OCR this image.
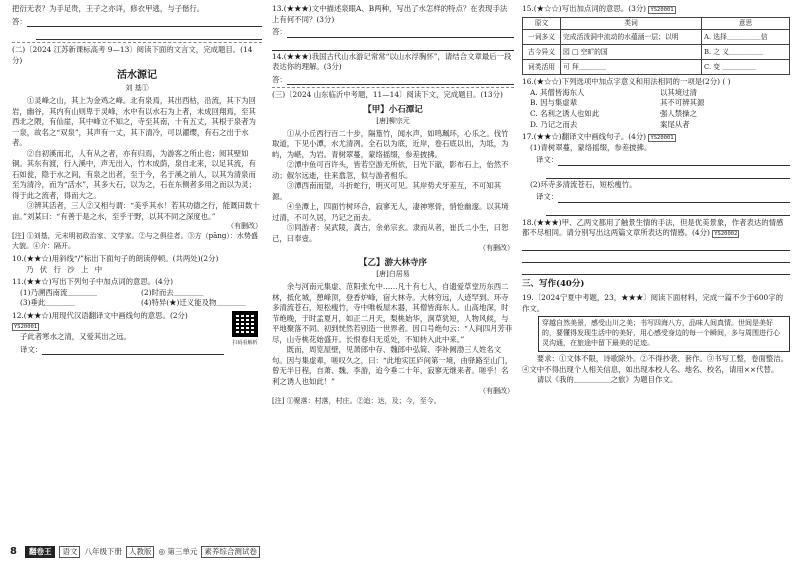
把衍无表？为手足贵，王子之亦详，修衣甲逃，与子偕行。

答：

(二)〔2024 江苏新课标高考 9—13〕阅读下面的文言文，完成题目。(14 分)

活水源记
刘 基①

①灵峰之山，其上为金鸡之峰。北有泉焉，其出西枯，沿流，其下为回岩，幽谷，其内有山则卑于灵峰，水中有以水石为上者，未成回翔焉，至其西北之隈，有仙崖，其中峰立不知之，寺至其南，十有五丈，其根于泉者为一泉，故名之“双泉”，其声有一丈，其下清冷，可以濯缨，有石之出于水者。

②自初溪而北，人有从之者，亦有归焉，为游客之所止也；阅其壁如铜。其东有渡，行入溪中，声无出入，竹木成荫，泉自北来，以足其流，有石如瓮，隐于水之间，有泉之出者，至于今，名于溪之前人，以其为清泉而至为清冷，而为“活水”，其多大石，以为之，石在东侧者多用之而以为灵；得于此之流者，得而大之。

③辨其活者，三人②又相与谓：“美乎其水！若其功德之行，能溉田数十亩。”刘某曰：“有善于是之水，至乎于野，以其不同之深度也。”

（有删改）

[注] ①刘基，元末明初政治家、文学家。②与之俱往者。③方（pāng）：水势盛大貌。④介：隔开。

10.(★★☆)用斜线“/”标出下面句子的朗读停顿。(共两处)(2分)

乃 伏 行 沙 上 中

11.(★★☆)写出下列句子中加点词的意思。(4分)

(1)乃溯西南流＿＿＿＿	(2)时而去＿＿＿＿
(3)垂此＿＿＿＿	(4)特异(★)迁义能及物＿＿＿＿

12.(★★☆)用现代汉语翻译文中画线句的意思。(2分)

YS20001

子此者寒水之清，又爱其出之远。

译文：
扫码看解析

13.(★★★)文中描述泉眼A、B两种，写出了水怎样的特点？在表现手法上有何不同？(3分)

答：

14.(★★★)我国古代山水游记常常“以山水浮胸怀”，请结合文章最后一段表达你的理解。(3分)

答：

(三)〔2024 山东临沂中考题，11—14〕阅读下文，完成题目。(13分)

【甲】小石潭记
[唐]柳宗元

①从小丘西行百二十步，隔篁竹，闻水声，如鸣珮环，心乐之。伐竹取道，下见小潭，水尤清冽。全石以为底，近岸，卷石底以出，为坻，为屿，为嵁，为岩。青树翠蔓，蒙络摇缀，参差披拂。

②潭中鱼可百许头，皆若空游无所依，日光下澈，影布石上，佁然不动；俶尔远逝，往来翕忽，似与游者相乐。

③潭西南而望，斗折蛇行，明灭可见。其岸势犬牙差互，不可知其源。

④坐潭上，四面竹树环合，寂寥无人，凄神寒骨，悄怆幽邃。以其境过清，不可久居，乃记之而去。

⑤同游者：吴武陵，龚古，余弟宗玄。隶而从者，崔氏二小生，曰恕己，曰奉壹。

（有删改）

【乙】游大林寺序
[唐]白居易

余与河南元集虚、范阳张允中……凡十有七人，自遗爱草堂历东西二林，抵化城，憩峰顶，登香炉峰，宿大林寺。大林穷远，人迹罕到。环寺多清流苍石，短松瘦竹，寺中唯板屋木器，其僧皆海东人。山高地深，时节绝晚，于时孟夏月，如正二月天，梨桃始华，涧草犹短，人物风候，与平地聚落不同。初到恍然若别造一世界者。因口号绝句云：“人间四月芳菲尽，山寺桃花始盛开。长恨春归无觅处，不知转入此中来。”

既而，周览屋壁，见萧郎中存、魏郎中弘简、李补阙渤三人姓名文句。因与集虚辈，嗟叹久之，曰：“此地实匡庐间第一境，由驿路至山门，曾无半日程，自萧、魏、李游，迨今垂二十年，寂寥无继来者。嗟乎！名利之诱人也如此！”

（有删改）

[注] ①聚落：村落，村庄。②迨：达，及；今，至今。

15.(★☆☆)写出加点词的意思。(3分) YS20001

原文	类词	意思
一词多义	完成活泼洞中流动的水蕴涵一层；以明	A. 选择＿＿＿＿＿信
古今异义	园 □ 空旷的国	B. 之 义＿＿＿＿＿
词类活用	可 拜＿＿＿＿	C. 变 ＿＿＿＿＿

16.(★☆☆)下列选项中加点字意义和用法相同的一项是(2分) ( )

A. 其僧皆海东人	以其境过清
B. 因与集虚辈	其不可辨其源
C. 名利之诱人也如此	强人禁操之
D. 乃记之而去	案尾从者

17.(★★☆)翻译文中画线句子。(4分) YS20001

(1)青树翠蔓，蒙络摇缀，参差披拂。

译文：

(2)环寺多清流苍石，短松瘦竹。

译文：

18.(★★★)甲、乙两文都用了触景生情的手法，但是优美景象，作者表达的情感都不尽相同。请分别写出这两篇文章所表达的情感。(4分) YS20002

三、写作(40分)

19.〔2024宁夏中考题，23，★★★〕阅读下面材料，完成一篇不少于600字的作文。

穿越自然美景，感受山川之美；书写四海八方，品味人间真情。世间是美好的，要懂得发现生活中的美好，用心感受身边的每一个瞬间，多与周围进行心灵沟通，在旅途中留下最美的足迹。

要求：①文体不限，诗歌除外。②不得抄袭、套作。③书写工整，卷面整洁。④文中不得出现个人相关信息，如出现本校人名、地名、校名，请用××代替。

请以《我的＿＿＿＿＿之旅》为题目作文。

8	翻卷王	语文 八年级下册 人教版 ◎ 第三单元 素养综合测试卷
